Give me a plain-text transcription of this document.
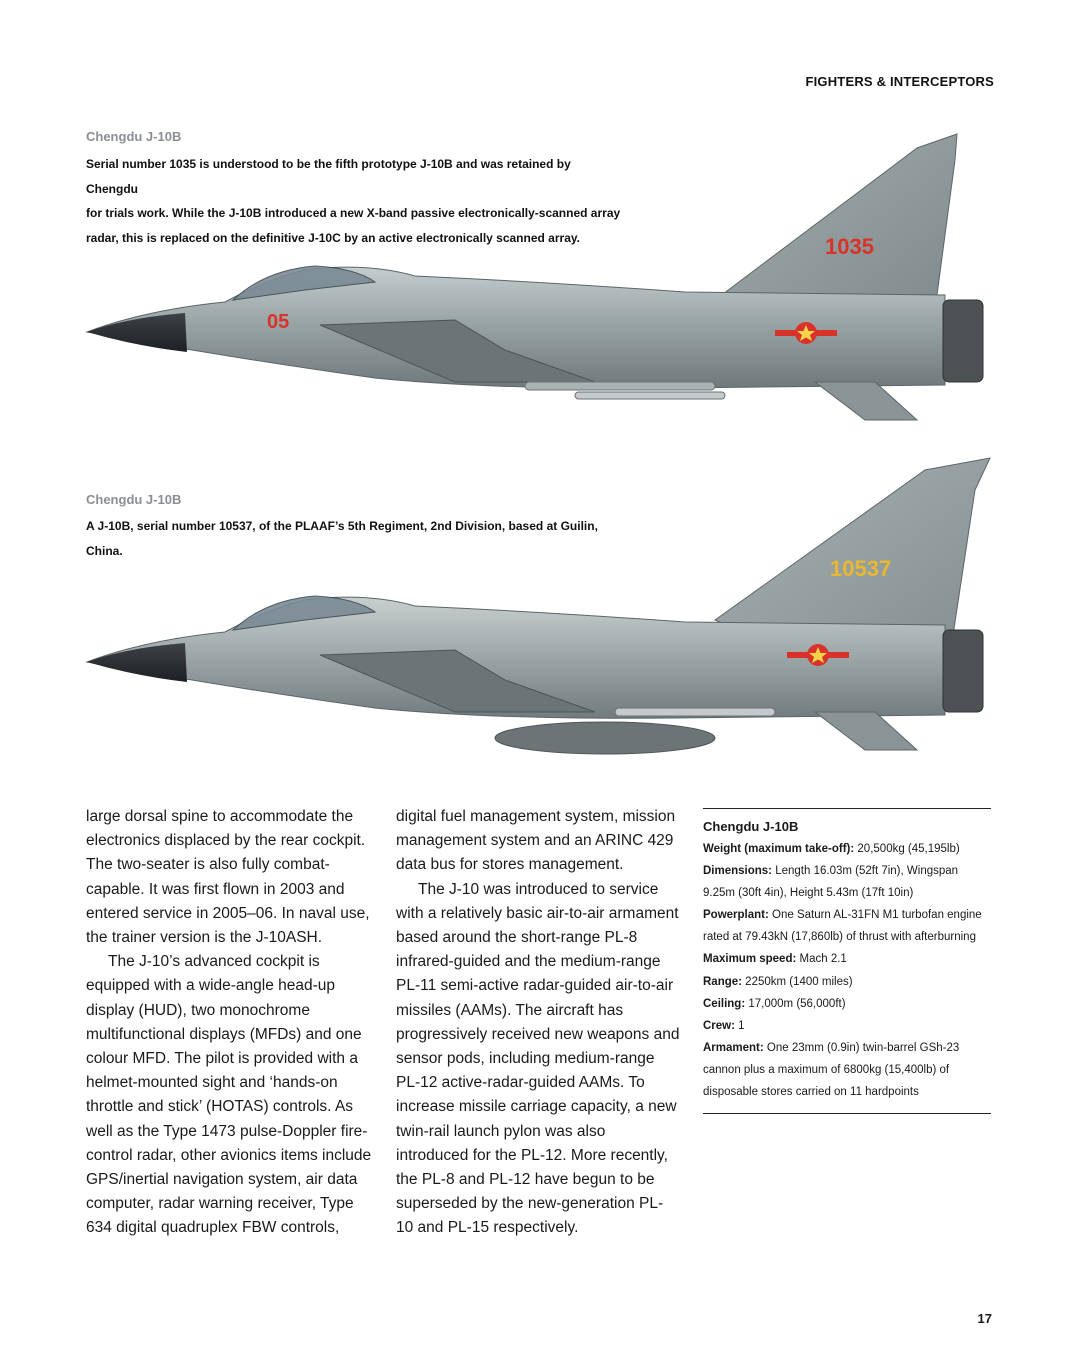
FIGHTERS & INTERCEPTORS
Chengdu J-10B
Serial number 1035 is understood to be the fifth prototype J-10B and was retained by Chengdu
for trials work. While the J-10B introduced a new X-band passive electronically-scanned array
radar, this is replaced on the definitive J-10C by an active electronically scanned array.
05
1035
Chengdu J-10B
A J-10B, serial number 10537, of the PLAAF’s 5th Regiment, 2nd Division, based at Guilin, China.
10537

large dorsal spine to accommodate the electronics displaced by the rear cockpit. The two-seater is also fully combat-capable. It was first flown in 2003 and entered service in 2005–06. In naval use, the trainer version is the J-10ASH.

The J-10’s advanced cockpit is equipped with a wide-angle head-up display (HUD), two monochrome multifunctional displays (MFDs) and one colour MFD. The pilot is provided with a helmet-mounted sight and ‘hands-on throttle and stick’ (HOTAS) controls. As well as the Type 1473 pulse-Doppler fire-control radar, other avionics items include GPS/inertial navigation system, air data computer, radar warning receiver, Type 634 digital quadruplex FBW controls,

digital fuel management system, mission management system and an ARINC 429 data bus for stores management.

The J-10 was introduced to service with a relatively basic air-to-air armament based around the short-range PL-8 infrared-guided and the medium-range PL-11 semi-active radar-guided air-to-air missiles (AAMs). The aircraft has progressively received new weapons and sensor pods, including medium-range PL-12 active-radar-guided AAMs. To increase missile carriage capacity, a new twin-rail launch pylon was also introduced for the PL-12. More recently, the PL-8 and PL-12 have begun to be superseded by the new-generation PL-10 and PL-15 respectively.

Chengdu J-10B
Weight (maximum take-off): 20,500kg (45,195lb)
Dimensions: Length 16.03m (52ft 7in), Wingspan 9.25m (30ft 4in), Height 5.43m (17ft 10in)
Powerplant: One Saturn AL-31FN M1 turbofan engine rated at 79.43kN (17,860lb) of thrust with afterburning
Maximum speed: Mach 2.1
Range: 2250km (1400 miles)
Ceiling: 17,000m (56,000ft)
Crew: 1
Armament: One 23mm (0.9in) twin-barrel GSh-23 cannon plus a maximum of 6800kg (15,400lb) of disposable stores carried on 11 hardpoints
17
